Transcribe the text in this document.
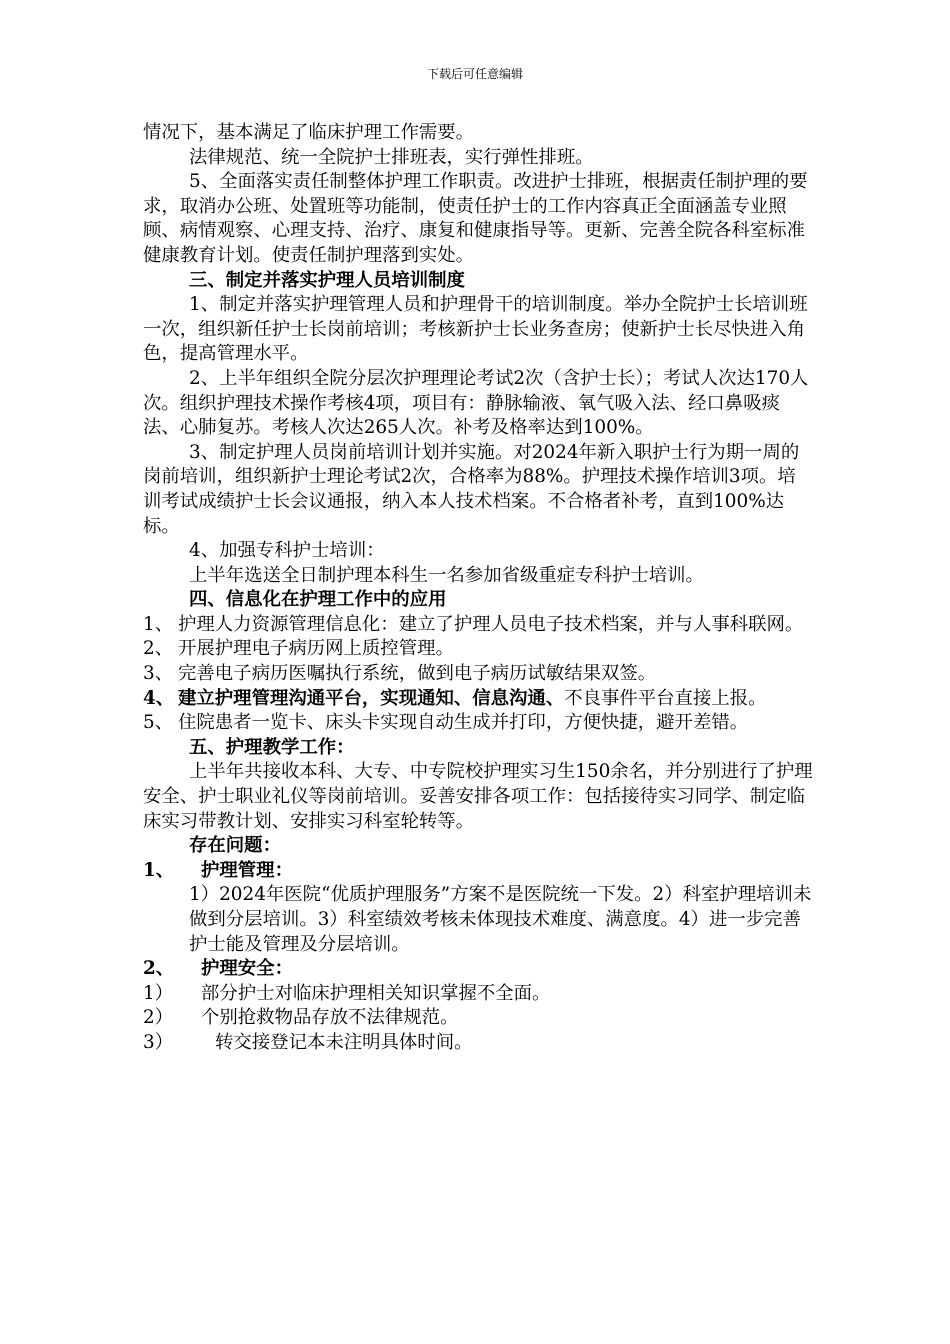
下载后可任意编辑

情况下，基本满足了临床护理工作需要。

法律规范、统一全院护士排班表，实行弹性排班。

5、全面落实责任制整体护理工作职责。改进护士排班，根据责任制护理的要求，取消办公班、处置班等功能制，使责任护士的工作内容真正全面涵盖专业照顾、病情观察、心理支持、治疗、康复和健康指导等。更新、完善全院各科室标准健康教育计划。使责任制护理落到实处。

三、制定并落实护理人员培训制度

1、制定并落实护理管理人员和护理骨干的培训制度。举办全院护士长培训班一次，组织新任护士长岗前培训；考核新护士长业务查房；使新护士长尽快进入角色，提高管理水平。

2、上半年组织全院分层次护理理论考试2次（含护士长）；考试人次达170人次。组织护理技术操作考核4项，项目有：静脉输液、氧气吸入法、经口鼻吸痰法、心肺复苏。考核人次达265人次。补考及格率达到100%。

3、制定护理人员岗前培训计划并实施。对2024年新入职护士行为期一周的岗前培训，组织新护士理论考试2次，合格率为88%。护理技术操作培训3项。培训考试成绩护士长会议通报，纳入本人技术档案。不合格者补考，直到100%达标。

4、加强专科护士培训：

上半年选送全日制护理本科生一名参加省级重症专科护士培训。

四、信息化在护理工作中的应用

1、 护理人力资源管理信息化：建立了护理人员电子技术档案，并与人事科联网。
2、 开展护理电子病历网上质控管理。
3、 完善电子病历医嘱执行系统，做到电子病历试敏结果双签。
4、 建立护理管理沟通平台，实现通知、信息沟通、不良事件平台直接上报。
5、 住院患者一览卡、床头卡实现自动生成并打印，方便快捷，避开差错。

五、护理教学工作：

上半年共接收本科、大专、中专院校护理实习生150余名，并分别进行了护理安全、护士职业礼仪等岗前培训。妥善安排各项工作：包括接待实习同学、制定临床实习带教计划、安排实习科室轮转等。

存在问题：

1、	护理管理：

1）2024年医院“优质护理服务”方案不是医院统一下发。2）科室护理培训未做到分层培训。3）科室绩效考核未体现技术难度、满意度。4）进一步完善护士能及管理及分层培训。

2、	护理安全：
1）	部分护士对临床护理相关知识掌握不全面。
2）	个别抢救物品存放不法律规范。
3）	转交接登记本未注明具体时间。
